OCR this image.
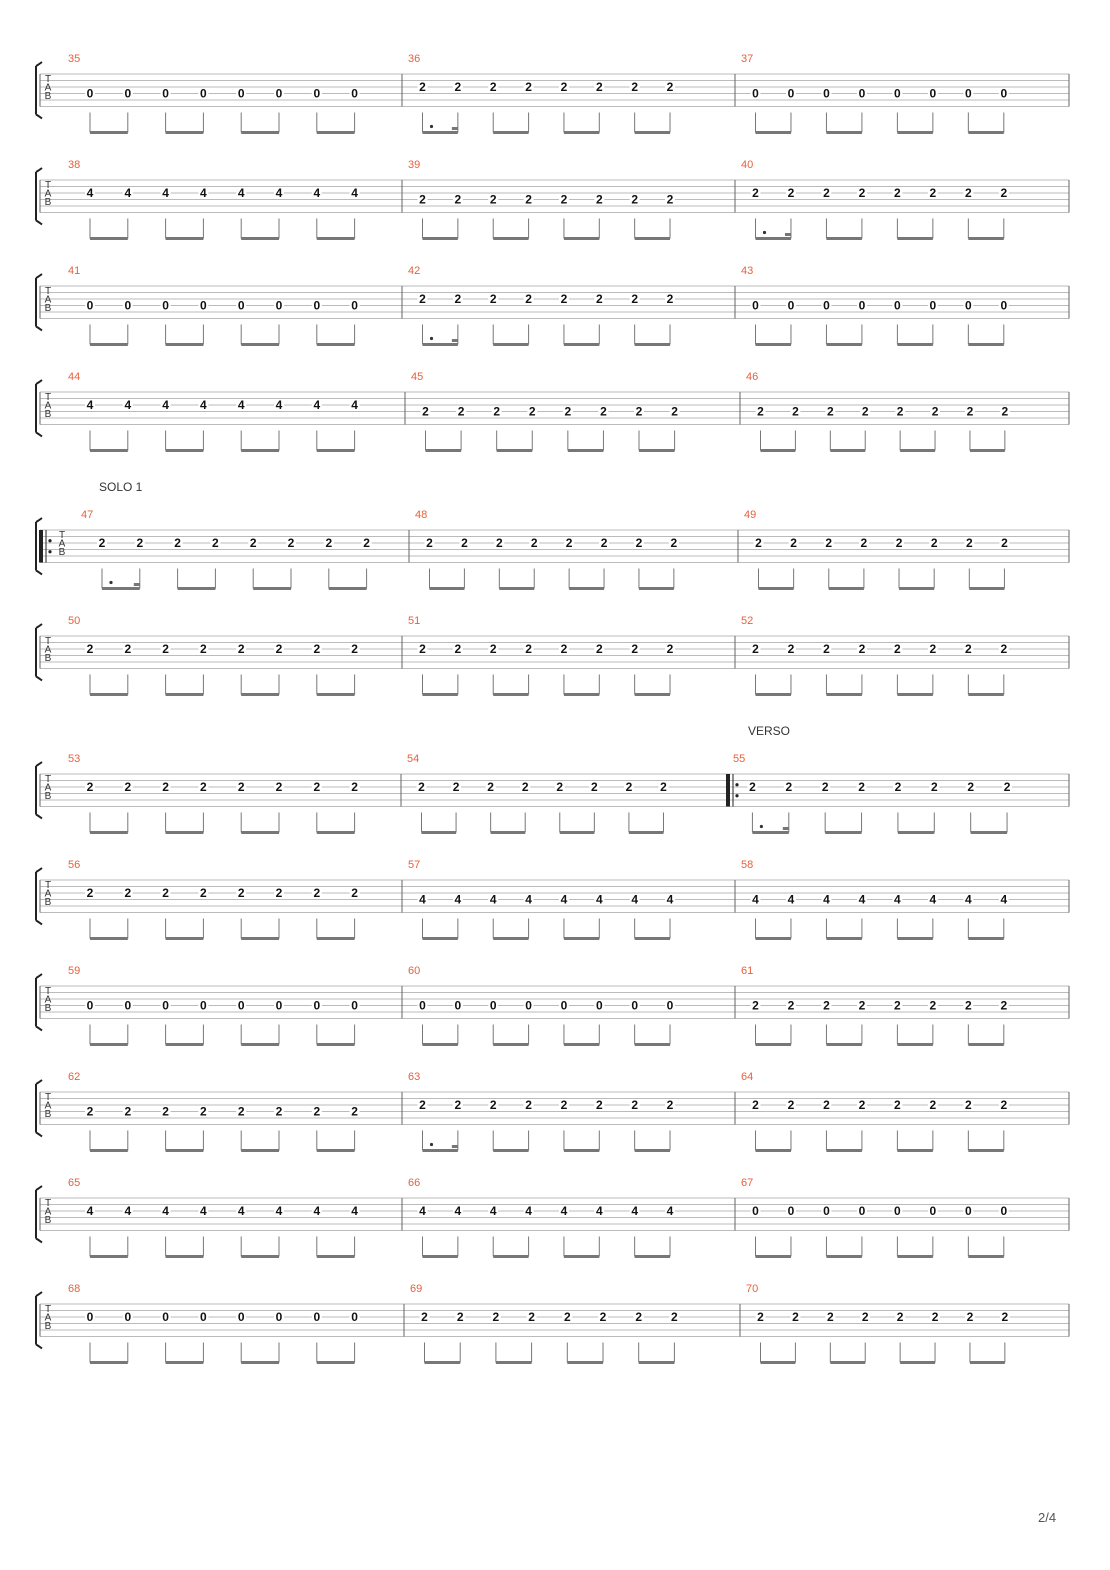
T
A
B
35
0	0	0	0	0	0	0	0
36
2 2 2 2 2 2 2 2
37
0 0 0 0 0 0 0 0
T
A
B
38
4	4	4	4	4	4	4	4
39
2 2 2 2 2 2 2 2
40
2 2 2 2 2 2 2 2
T
A
B
41
0	0	0	0	0	0	0	0
42
2 2 2 2 2 2 2 2
43
0 0 0 0 0 0 0 0
T
A
B
44
4	4	4	4	4	4	4	4
45
2 2 2 2 2 2 2 2
46
2 2 2 2 2 2 2 2
T
A
B
SOLO 1
47
2	2	2	2	2	2	2	2
48
2 2 2 2 2 2 2 2
49
2 2 2 2 2 2 2 2
T
A
B
50
2	2	2	2	2	2	2	2
51
2 2 2 2 2 2 2 2
52
2 2 2 2 2 2 2 2
T
A
B
VERSO
53
2	2	2	2	2	2	2	2
54
2 2 2 2 2 2 2 2
55
2 2 2 2 2 2 2 2
T
A
B
56
2	2	2	2	2	2	2	2
57
4 4 4 4 4 4 4 4
58
4 4 4 4 4 4 4 4
T
A
B
59
0	0	0	0	0	0	0	0
60
0 0 0 0 0 0 0 0
61
2 2 2 2 2 2 2 2
T
A
B
62
2	2	2	2	2	2	2	2
63
2 2 2 2 2 2 2 2
64
2 2 2 2 2 2 2 2
T
A
B
65
4	4	4	4	4	4	4	4
66
4 4 4 4 4 4 4 4
67
0 0 0 0 0 0 0 0
T
A
B
68
0	0	0	0	0	0	0	0
69
2 2 2 2 2 2 2 2
70
2 2 2 2 2 2 2 2
2/4
